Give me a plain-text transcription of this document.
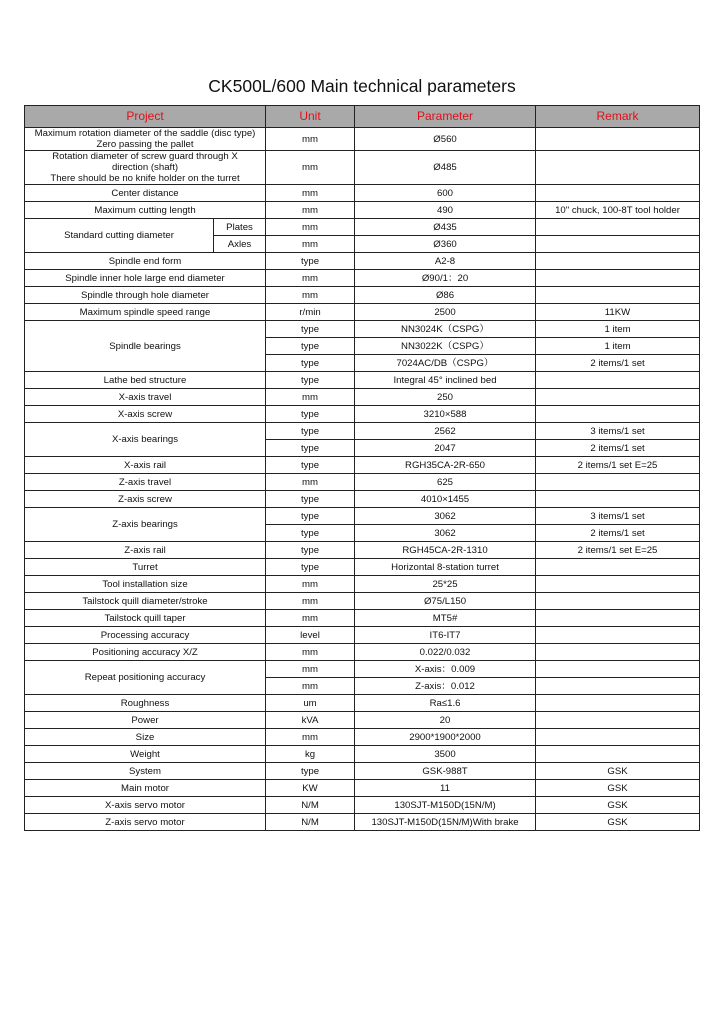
CK500L/600 Main technical parameters
Project		Unit	Parameter	Remark

Maximum rotation diameter of the saddle (disc type)
Zero passing the pallet		mm	Ø560	

Rotation diameter of screw guard through X
direction (shaft)
There should be no knife holder on the turret		mm	Ø485	
Center distance		mm	600	
Maximum cutting length		mm	490	10" chuck, 100-8T tool holder
Standard cutting diameter	Plates	mm	Ø435	
	Axles	mm	Ø360	
Spindle end form		type	A2-8	
Spindle inner hole large end diameter		mm	Ø90/1：20	
Spindle through hole diameter		mm	Ø86	
Maximum spindle speed range		r/min	2500	11KW
Spindle bearings		type	NN3024K（CSPG）	1 item
		type	NN3022K（CSPG）	1 item
		type	7024AC/DB（CSPG）	2 items/1 set
Lathe bed structure		type	Integral 45° inclined bed	
X-axis travel		mm	250	
X-axis screw		type	3210×588	
X-axis bearings		type	2562	3 items/1 set
		type	2047	2 items/1 set
X-axis rail		type	RGH35CA-2R-650	2 items/1 set E=25
Z-axis travel		mm	625	
Z-axis screw		type	4010×1455	
Z-axis bearings		type	3062	3 items/1 set
		type	3062	2 items/1 set
Z-axis rail		type	RGH45CA-2R-1310	2 items/1 set E=25
Turret		type	Horizontal 8-station turret	
Tool installation size		mm	25*25	
Tailstock quill diameter/stroke		mm	Ø75/L150	
Tailstock quill taper		mm	MT5#	
Processing accuracy		level	IT6-IT7	
Positioning accuracy X/Z		mm	0.022/0.032	
Repeat positioning accuracy		mm	X-axis：0.009	
		mm	Z-axis：0.012	
Roughness		um	Ra≤1.6	
Power		kVA	20	
Size		mm	2900*1900*2000	
Weight		kg	3500	
System		type	GSK-988T	GSK
Main motor		KW	11	GSK
X-axis servo motor		N/M	130SJT-M150D(15N/M)	GSK
Z-axis servo motor		N/M	130SJT-M150D(15N/M)With brake	GSK
